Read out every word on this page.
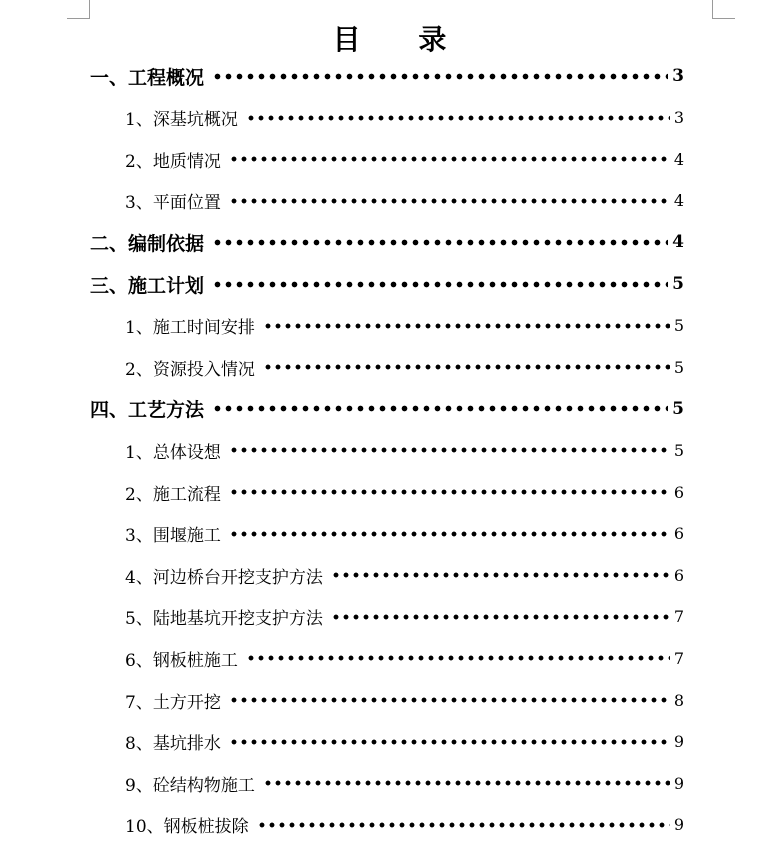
目 录
一、工程概况	3
1、深基坑概况	3
2、地质情况	4
3、平面位置	4
二、编制依据	4
三、施工计划	5
1、施工时间安排	5
2、资源投入情况	5
四、工艺方法	5
1、总体设想	5
2、施工流程	6
3、围堰施工	6
4、河边桥台开挖支护方法	6
5、陆地基坑开挖支护方法	7
6、钢板桩施工	7
7、土方开挖	8
8、基坑排水	9
9、砼结构物施工	9
10、钢板桩拔除	9
